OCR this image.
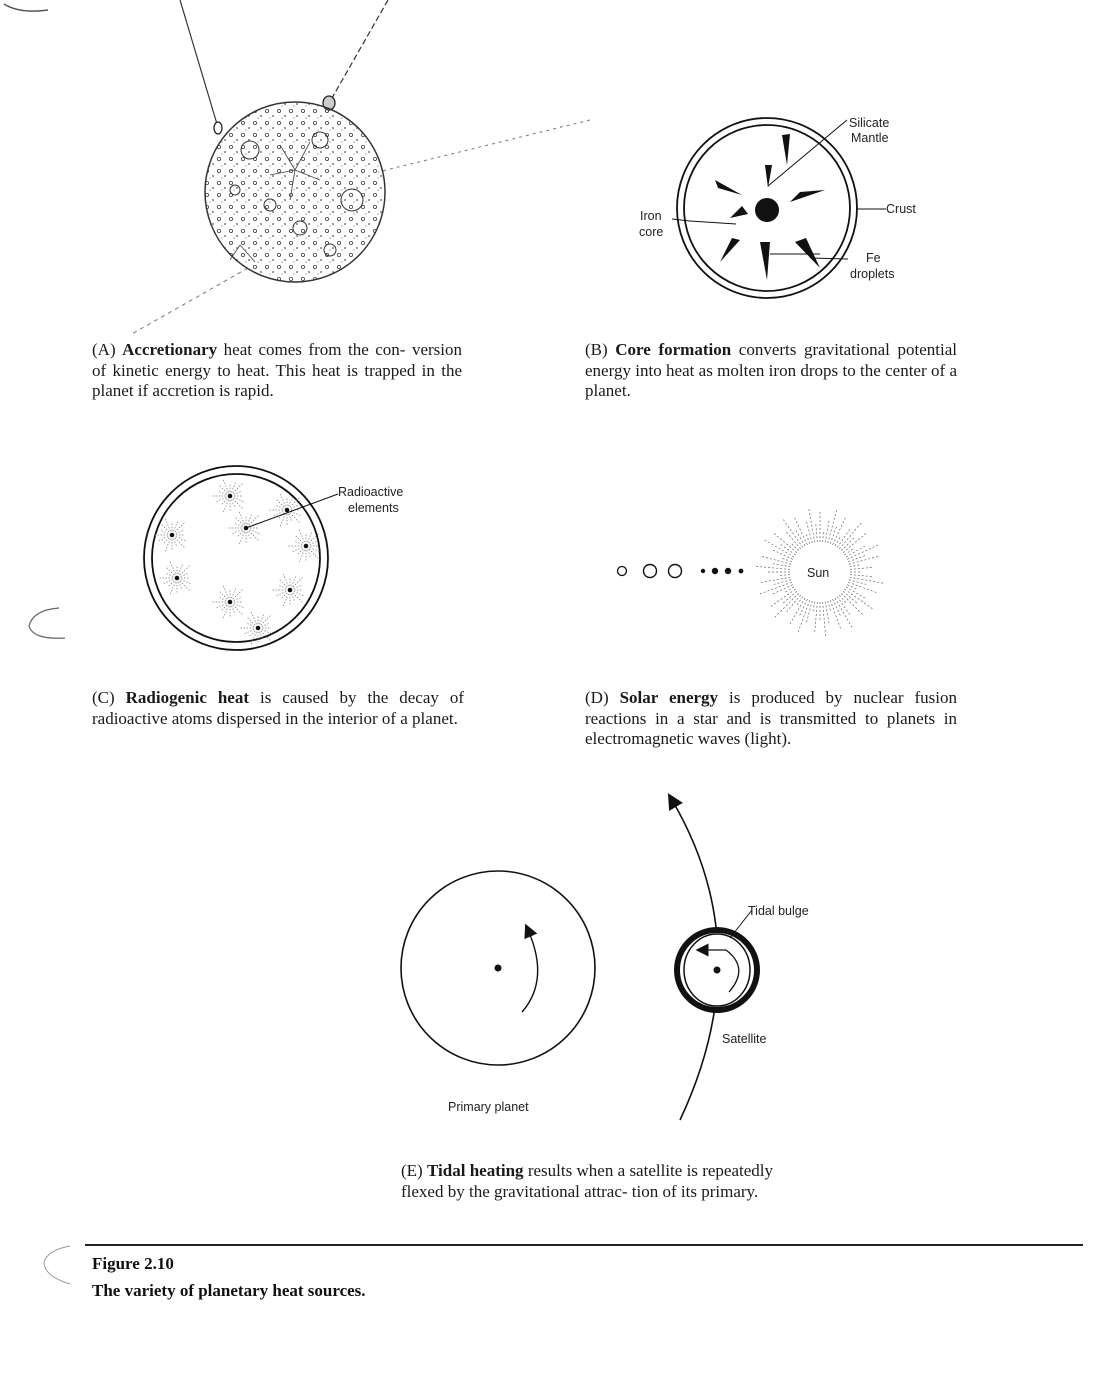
(A) Accretionary heat comes from the con- version of kinetic energy to heat. This heat is trapped in the planet if accretion is rapid.
Silicate
Mantle
Crust
Iron
core
Fe
droplets
(B) Core formation converts gravitational potential energy into heat as molten iron drops to the center of a planet.
Radioactive
elements
(C) Radiogenic heat is caused by the decay of radioactive atoms dispersed in the interior of a planet.
Sun
(D) Solar energy is produced by nuclear fusion reactions in a star and is transmitted to planets in electromagnetic waves (light).
Tidal bulge
Satellite
Primary planet
(E) Tidal heating results when a satellite is repeatedly flexed by the gravitational attrac- tion of its primary.
Figure 2.10
The variety of planetary heat sources.
